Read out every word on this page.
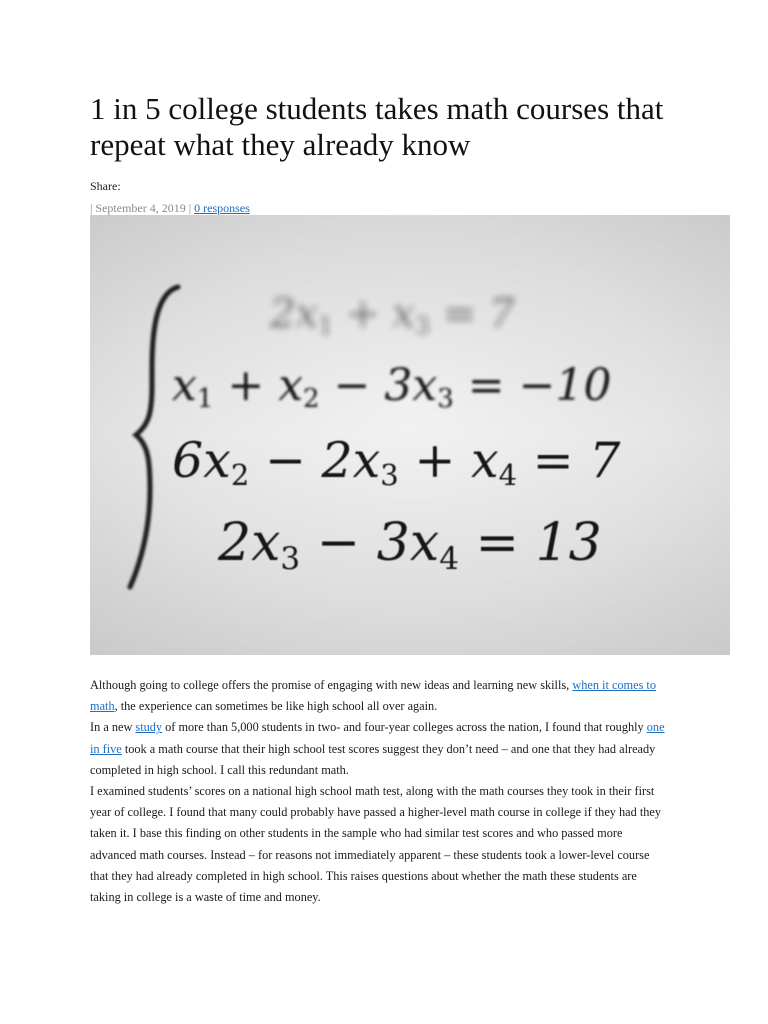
1 in 5 college students takes math courses that repeat what they already know
Share:
| September 4, 2019 | 0 responses
2x1 + x3 = 7
x1 + x2 − 3x3 = −10
6x2 − 2x3 + x4 = 7
2x3 − 3x4 = 13

Although going to college offers the promise of engaging with new ideas and learning new skills, when it comes to math, the experience can sometimes be like high school all over again.

In a new study of more than 5,000 students in two- and four-year colleges across the nation, I found that roughly one in five took a math course that their high school test scores suggest they don’t need – and one that they had already completed in high school. I call this redundant math.

I examined students’ scores on a national high school math test, along with the math courses they took in their first year of college. I found that many could probably have passed a higher-level math course in college if they had they taken it. I base this finding on other students in the sample who had similar test scores and who passed more advanced math courses. Instead – for reasons not immediately apparent – these students took a lower-level course that they had already completed in high school. This raises questions about whether the math these students are taking in college is a waste of time and money.
